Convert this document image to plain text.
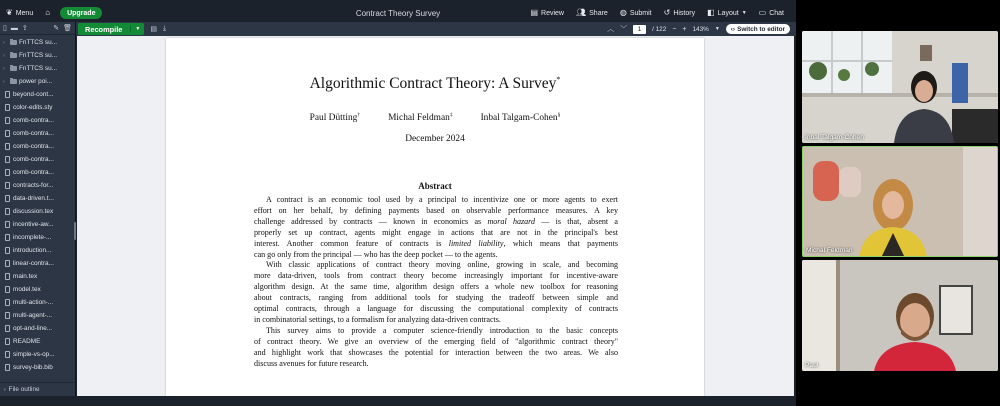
❦ Menu ⌂	Upgrade	Contract Theory Survey	▤ Review 👥︎ Share ◍ Submit ↺ History ◧ Layout ▼ ▭ Chat
▯ ▬ ⇪	✎ 🗑︎
›	FnTTCS su...
›	FnTTCS su...
›	FnTTCS su...
›	power poi...
beyond-cont...
color-edits.sty
comb-contra...
comb-contra...
comb-contra...
comb-contra...
comb-contra...
contracts-for...
data-driven.t...
discussion.tex
incentive-aw...
incomplete-...
introduction...
linear-contra...
main.tex
model.tex
multi-action-...
multi-agent-...
opt-and-line...
README
simple-vs-op...
survey-bib.bib
› File outline
Recompile	▼	▤ ⤓	︿ ﹀	1	/ 122 − + 143% ▼ ‹› Switch to editor
Algorithmic Contract Theory: A Survey*
Paul Dütting†	Michal Feldman‡	Inbal Talgam-Cohen§
December 2024
Abstract
A contract is an economic tool used by a principal to incentivize one or more agents to exert
effort on her behalf, by defining payments based on observable performance measures. A key
challenge addressed by contracts — known in economics as moral hazard — is that, absent a
properly set up contract, agents might engage in actions that are not in the principal's best
interest. Another common feature of contracts is limited liability, which means that payments
can go only from the principal — who has the deep pocket — to the agents.
With classic applications of contract theory moving online, growing in scale, and becoming
more data-driven, tools from contract theory become increasingly important for incentive-aware
algorithm design. At the same time, algorithm design offers a whole new toolbox for reasoning
about contracts, ranging from additional tools for studying the tradeoff between simple and
optimal contracts, through a language for discussing the computational complexity of contracts
in combinatorial settings, to a formalism for analyzing data-driven contracts.
This survey aims to provide a computer science-friendly introduction to the basic concepts
of contract theory. We give an overview of the emerging field of "algorithmic contract theory"
and highlight work that showcases the potential for interaction between the two areas. We also
discuss avenues for future research.
Inbal Talgam-Cohen
Michal Feldman
Paul
